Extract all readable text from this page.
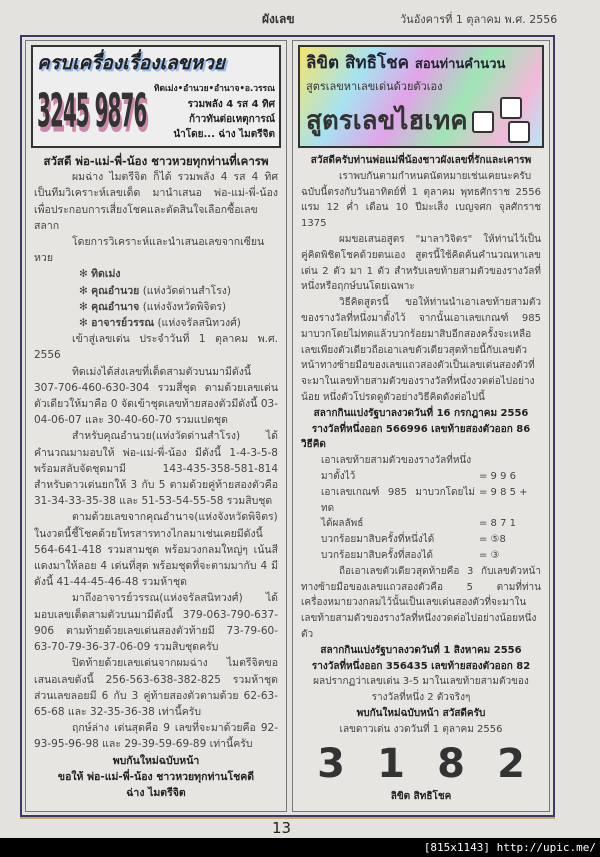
ผังเลข	วันอังคารที่ 1 ตุลาคม พ.ศ. 2556
ครบเครื่องเรื่องเลขหวย
3245 9876 ทิดเม่ง•อำนวย•อำนาจ•อ.วรรณ
รวมพลัง 4 รส 4 ทิศ
ก้าวทันต่อเหตุการณ์
นำโดย... ฉ่าง ไมตรีจิต

สวัสดี พ่อ-แม่-พี่-น้อง ชาวหวยทุกท่านที่เคารพ

ผมฉ่าง ไมตรีจิต ก็ได้ รวมพลัง 4 รส 4 ทิศ เป็นทีมวิเคราะห์เลขเด็ด มานำเสนอ พ่อ-แม่-พี่-น้อง เพื่อประกอบการเสี่ยงโชคและตัดสินใจเลือกซื้อเลขสลาก

โดยการวิเคราะห์และนำเสนอเลขจากเซียนหวย

✻ ทิดเม่ง

✻ คุณอำนวย (แห่งวัดด่านสำโรง)

✻ คุณอำนาจ (แห่งจังหวัดพิจิตร)

✻ อาจารย์วรรณ (แห่งจรัลสนิทวงศ์)

เข้าสู่เลขเด่น ประจำวันที่ 1 ตุลาคม พ.ศ. 2556

ทิดเม่งได้ส่งเลขที่เด็ดสามตัวบนมามีดังนี้ 307-706-460-630-304 รวมสี่ชุด ตามด้วยเลขเด่นตัวเดียวให้มาคือ 0 จัดเข้าชุดเลขท้ายสองตัวมีดังนี้ 03-04-06-07 และ 30-40-60-70 รวมแปดชุด

สำหรับคุณอำนวย(แห่งวัดด่านสำโรง) ได้คำนวณมามอบให้ พ่อ-แม่-พี่-น้อง มีดังนี้ 1-4-3-5-8 พร้อมสลับจัดชุดมามี 143-435-358-581-814 สำหรับดาวเด่นยกให้ 3 กับ 5 ตามด้วยคู่ท้ายสองตัวคือ 31-34-33-35-38 และ 51-53-54-55-58 รวมสิบชุด

ตามด้วยเลขจากคุณอำนาจ(แห่งจังหวัดพิจิตร) ในงวดนี้ชี้โชคด้วยโทรสารทางไกลมาเช่นเคยมีดังนี้ 564-641-418 รวมสามชุด พร้อมวงกลมใหญ่ๆ เน้นสีแดงมาให้ลอย 4 เด่นที่สุด พร้อมชุดที่จะตามมากับ 4 มีดังนี้ 41-44-45-46-48 รวมห้าชุด

มาถึงอาจารย์วรรณ(แห่งจรัลสนิทวงศ์) ได้มอบเลขเด็ดสามตัวบนมามีดังนี้ 379-063-790-637-906 ตามท้ายด้วยเลขเด่นสองตัวท้ายมี 73-79-60-63-70-79-36-37-06-09 รวมสิบชุดครับ

ปิดท้ายด้วยเลขเด่นจากผมฉ่าง ไมตรีจิตขอเสนอเลขดังนี้ 256-563-638-382-825 รวมห้าชุด ส่วนเลขลอยมี 6 กับ 3 คู่ท้ายสองตัวตามด้วย 62-63-65-68 และ 32-35-36-38 เท่านี้ครับ

ฤกษ์ล่าง เด่นสุดคือ 9 เลขที่จะมาด้วยคือ 92-93-95-96-98 และ 29-39-59-69-89 เท่านี้ครับ

พบกันใหม่ฉบับหน้า

ขอให้ พ่อ-แม่-พี่-น้อง ชาวหวยทุกท่านโชคดี

ฉ่าง ไมตรีจิต

ลิขิต สิทธิโชค สอนท่านคำนวน
สูตรเลขหาเลขเด่นด้วยตัวเอง
สูตรเลขไฮเทค

สวัสดีครับท่านพ่อแม่พี่น้องชาวผังเลขที่รักและเคารพ

เราพบกันตามกำหนดนัดหมายเช่นเคยนะครับ ฉบับนี้ตรงกับวันอาทิตย์ที่ 1 ตุลาคม พุทธศักราช 2556 แรม 12 ค่ำ เดือน 10 ปีมะเส็ง เบญจศก จุลศักราช 1375

ผมขอเสนอสูตร "มาลาวิจิตร" ให้ท่านไว้เป็นคู่คิดพิชิตโชคด้วยตนเอง สูตรนี้ใช้คิดค้นคำนวณหาเลขเด่น 2 ตัว มา 1 ตัว สำหรับเลขท้ายสามตัวของรางวัลที่หนึ่งหรือฤกษ์บนโดยเฉพาะ

วิธีคิดสูตรนี้ ขอให้ท่านนำเอาเลขท้ายสามตัวของรางวัลที่หนึ่งมาตั้งไว้ จากนั้นเอาเลขเกณฑ์ 985 มาบวกโดยไม่ทดแล้วบวกร้อยมาสิบอีกสองครั้งจะเหลือเลขเพียงตัวเดียวถือเอาเลขตัวเดียวสุดท้ายนี้กับเลขตัวหน้าทางซ้ายมือของเลขแถวสองตัวเป็นเลขเด่นสองตัวที่จะมาในเลขท้ายสามตัวของรางวัลที่หนึ่งงวดต่อไปอย่างน้อย หนึ่งตัวโปรดดูตัวอย่างวิธีคิดดังต่อไปนี้

สลากกินแบ่งรัฐบาลงวดวันที่ 16 กรกฎาคม 2556

รางวัลที่หนึ่งออก 566996 เลขท้ายสองตัวออก 86

วิธีคิด

เอาเลขท้ายสามตัวของรางวัลที่หนึ่ง
มาตั้งไว้	= 9 9 6
เอาเลขเกณฑ์ 985 มาบวกโดยไม่ทด
= 9 8 5 +
ได้ผลลัพธ์	= 8 7 1
บวกร้อยมาสิบครั้งที่หนึ่งได้	= ⑤8
บวกร้อยมาสิบครั้งที่สองได้	= ③

ถือเอาเลขตัวเดียวสุดท้ายคือ 3 กับเลขตัวหน้าทางซ้ายมือของเลขแถวสองตัวคือ 5 ตามที่ท่านเครื่องหมายวงกลมไว้นั้นเป็นเลขเด่นสองตัวที่จะมาในเลขท้ายสามตัวของรางวัลที่หนึ่งงวดต่อไปอย่างน้อยหนึ่งตัว

สลากกินแบ่งรัฐบาลงวดวันที่ 1 สิงหาคม 2556

รางวัลที่หนึ่งออก 356435 เลขท้ายสองตัวออก 82

ผลปรากฏว่าเลขเด่น 3-5 มาในเลขท้ายสามตัวของรางวัลที่หนึ่ง 2 ตัวจริงๆ

พบกันใหม่ฉบับหน้า สวัสดีครับ

เลขดาวเด่น งวดวันที่ 1 ตุลาคม 2556

3 1 8 2

ลิขิต สิทธิโชค

13
[815x1143] http://upic.me/
